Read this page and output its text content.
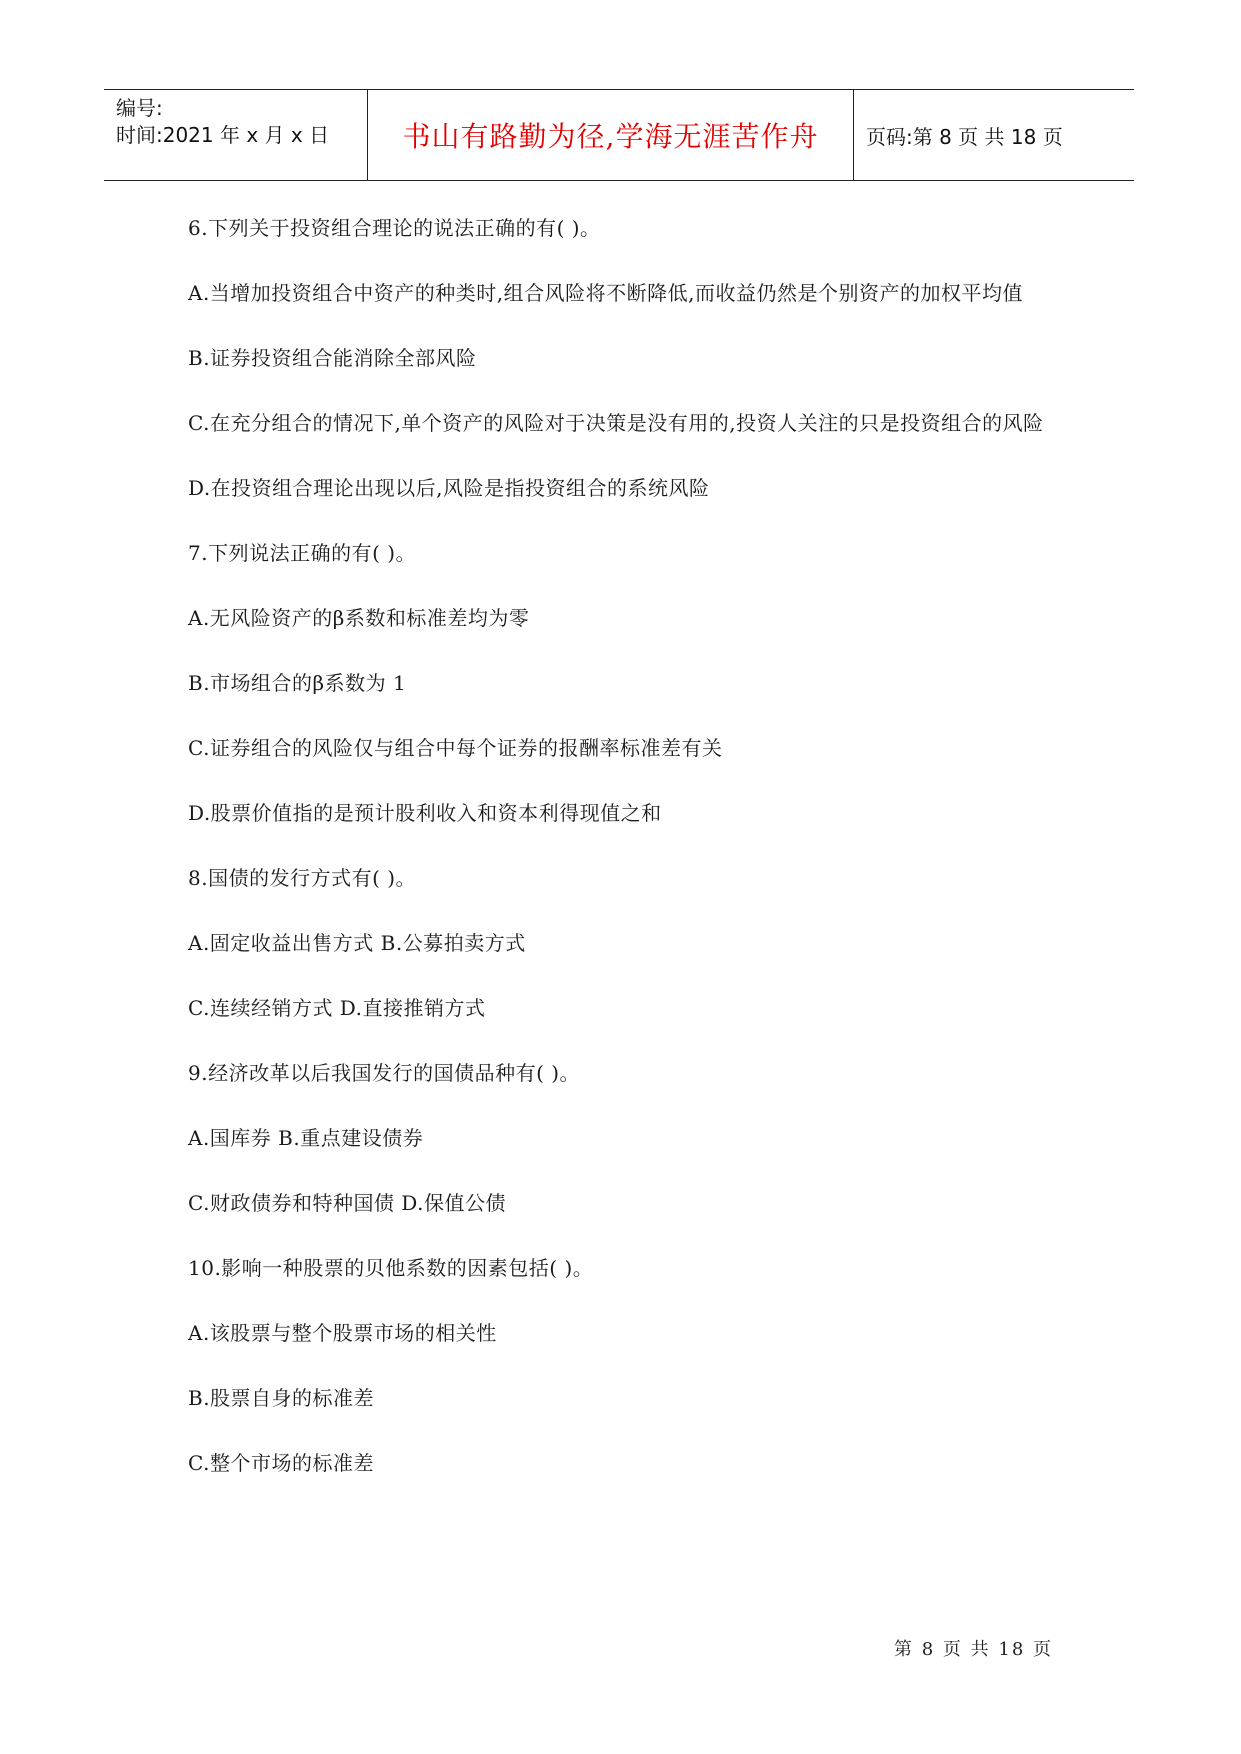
编号:
时间:2021 年 x 月 x 日	书山有路勤为径,学海无涯苦作舟 页码:第 8 页 共 18 页

6.下列关于投资组合理论的说法正确的有( )。

A.当增加投资组合中资产的种类时,组合风险将不断降低,而收益仍然是个别资产的加权平均值

B.证券投资组合能消除全部风险

C.在充分组合的情况下,单个资产的风险对于决策是没有用的,投资人关注的只是投资组合的风险

D.在投资组合理论出现以后,风险是指投资组合的系统风险

7.下列说法正确的有( )。

A.无风险资产的β系数和标准差均为零

B.市场组合的β系数为 1

C.证券组合的风险仅与组合中每个证券的报酬率标准差有关

D.股票价值指的是预计股利收入和资本利得现值之和

8.国债的发行方式有( )。

A.固定收益出售方式 B.公募拍卖方式

C.连续经销方式 D.直接推销方式

9.经济改革以后我国发行的国债品种有( )。

A.国库券 B.重点建设债券

C.财政债券和特种国债 D.保值公债

10.影响一种股票的贝他系数的因素包括( )。

A.该股票与整个股票市场的相关性

B.股票自身的标准差

C.整个市场的标准差

第 8 页 共 18 页
